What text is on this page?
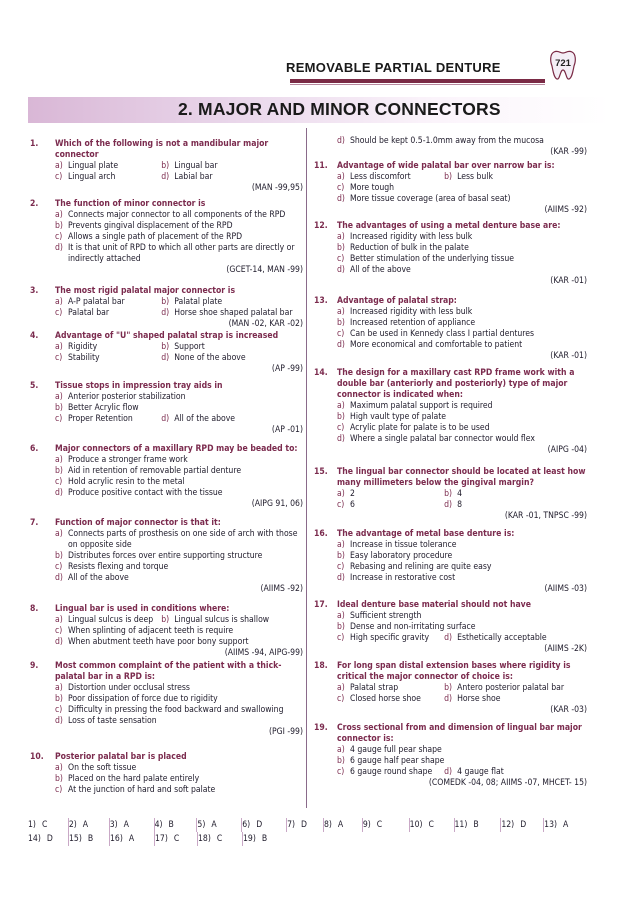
REMOVABLE PARTIAL DENTURE	721
2. MAJOR AND MINOR CONNECTORS
1. Which of the following is not a mandibular major
connector
a) Lingual plate	b) Lingual bar
c) Lingual arch	d) Labial bar
(MAN -99,95)
2. The function of minor connector is
a) Connects major connector to all components of the RPD
b) Prevents gingival displacement of the RPD
c) Allows a single path of placement of the RPD
d) It is that unit of RPD to which all other parts are directly or indirectly attached
(GCET-14, MAN -99)
3. The most rigid palatal major connector is
a) A-P palatal bar	b) Palatal plate
c) Palatal bar	d) Horse shoe shaped palatal bar
(MAN -02, KAR -02)
4. Advantage of "U" shaped palatal strap is increased
a) Rigidity	b) Support
c) Stability	d) None of the above
(AP -99)
5. Tissue stops in impression tray aids in
a) Anterior posterior stabilization
b) Better Acrylic flow
c) Proper Retention	d) All of the above
(AP -01)
6. Major connectors of a maxillary RPD may be beaded to:
a) Produce a stronger frame work
b) Aid in retention of removable partial denture
c) Hold acrylic resin to the metal
d) Produce positive contact with the tissue
(AIPG 91, 06)
7. Function of major connector is that it:
a) Connects parts of prosthesis on one side of arch with those on opposite side
b) Distributes forces over entire supporting structure
c) Resists flexing and torque
d) All of the above
(AIIMS -92)
8. Lingual bar is used in conditions where:
a) Lingual sulcus is deep b) Lingual sulcus is shallow
c) When splinting of adjacent teeth is require
d) When abutment teeth have poor bony support
(AIIMS -94, AIPG-99)
9. Most common complaint of the patient with a thick-
palatal bar in a RPD is:
a) Distortion under occlusal stress
b) Poor dissipation of force due to rigidity
c) Difficulty in pressing the food backward and swallowing
d) Loss of taste sensation
(PGI -99)
10. Posterior palatal bar is placed
a) On the soft tissue
b) Placed on the hard palate entirely
c) At the junction of hard and soft palate
d) Should be kept 0.5-1.0mm away from the mucosa
(KAR -99)
11. Advantage of wide palatal bar over narrow bar is:
a) Less discomfort	b) Less bulk
c) More tough
d) More tissue coverage (area of basal seat)
(AIIMS -92)
12. The advantages of using a metal denture base are:
a) Increased rigidity with less bulk
b) Reduction of bulk in the palate
c) Better stimulation of the underlying tissue
d) All of the above
(KAR -01)
13. Advantage of palatal strap:
a) Increased rigidity with less bulk
b) Increased retention of appliance
c) Can be used in Kennedy class I partial dentures
d) More economical and comfortable to patient
(KAR -01)
14. The design for a maxillary cast RPD frame work with a
double bar (anteriorly and posteriorly) type of major
connector is indicated when:
a) Maximum palatal support is required
b) High vault type of palate
c) Acrylic plate for palate is to be used
d) Where a single palatal bar connector would flex
(AIPG -04)
15. The lingual bar connector should be located at least how
many millimeters below the gingival margin?
a) 2	b) 4
c) 6	d) 8
(KAR -01, TNPSC -99)
16. The advantage of metal base denture is:
a) Increase in tissue tolerance
b) Easy laboratory procedure
c) Rebasing and relining are quite easy
d) Increase in restorative cost
(AIIMS -03)
17. Ideal denture base material should not have
a) Sufficient strength
b) Dense and non-irritating surface
c) High specific gravity	d) Esthetically acceptable
(AIIMS -2K)
18. For long span distal extension bases where rigidity is
critical the major connector of choice is:
a) Palatal strap	b) Antero posterior palatal bar
c) Closed horse shoe	d) Horse shoe
(KAR -03)
19. Cross sectional from and dimension of lingual bar major
connector is:
a) 4 gauge full pear shape
b) 6 gauge half pear shape
c) 6 gauge round shape	d) 4 gauge flat
(COMEDK -04, 08; AIIMS -07, MHCET- 15)
1) C	2) A	3) A	4) B	5) A	6) D	7) D	8) A	9) C	10) C	11) B	12) D	13) A
14) D	15) B	16) A	17) C	18) C	19) B
